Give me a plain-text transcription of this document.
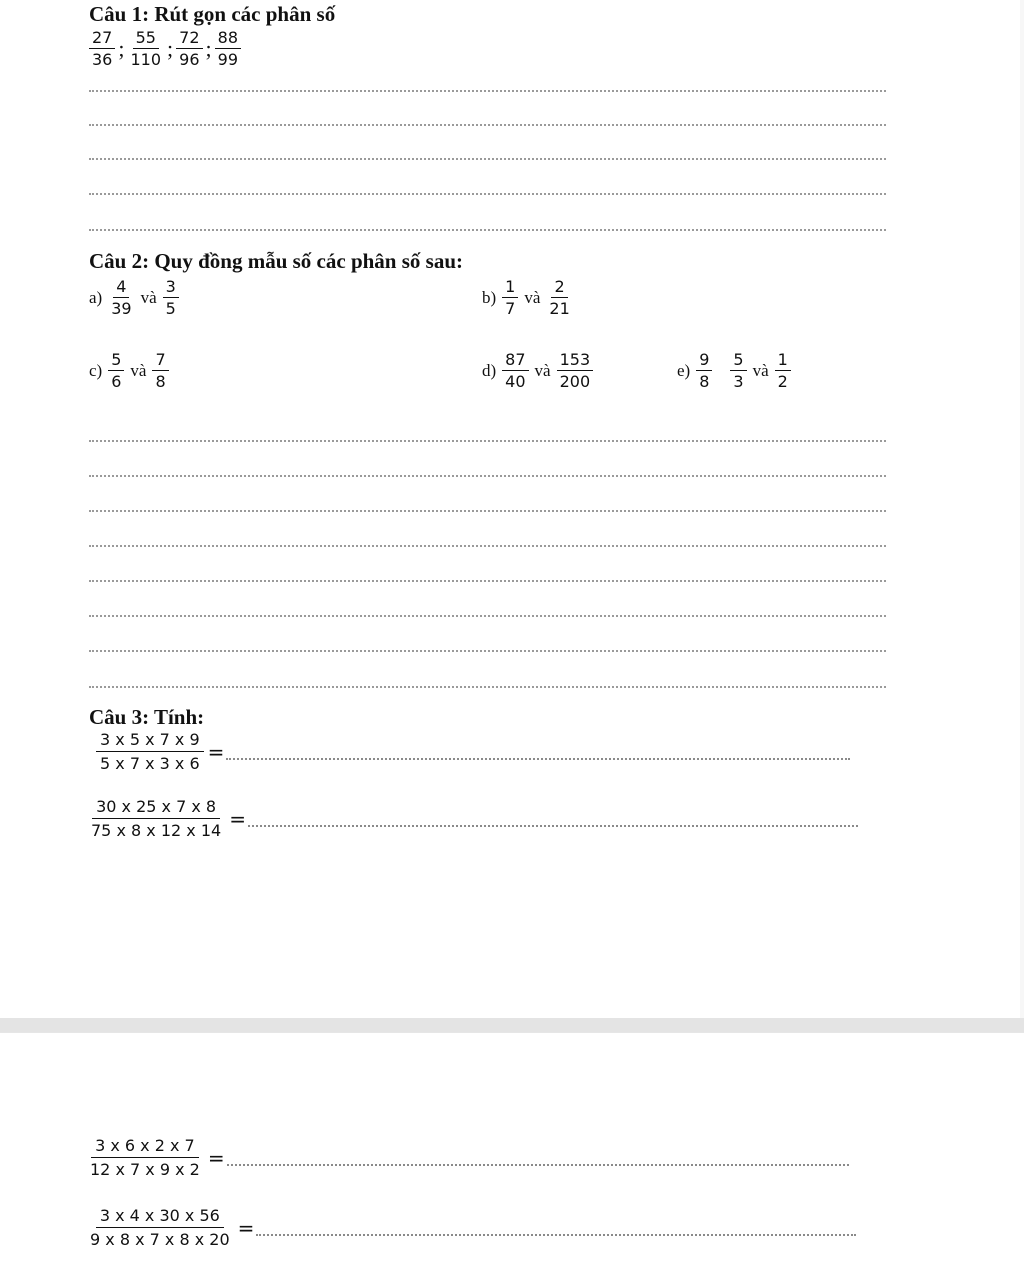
Câu 1: Rút gọn các phân số
$\frac{27}{36}$ ; $\frac{55}{110}$ ; $\frac{72}{96}$ ; $\frac{88}{99}$
Câu 2: Quy đồng mẫu số các phân số sau:
$a) \frac{4}{39}$ và $\frac{3}{5}$	$b) \frac{1}{7}$ và $\frac{2}{21}$
$c) \frac{5}{6}$ và $\frac{7}{8}$	$d) \frac{87}{40}$ và $\frac{153}{200}$	$e) \frac{9}{8} \frac{5}{3}$ và $\frac{1}{2}$
Câu 3: Tính:
$\frac{3 x 5 x 7 x 9}{5 x 7 x 3 x 6}$ =
$\frac{30 x 25 x 7 x 8}{75 x 8 x 12 x 14}$ =
$\frac{3 x 6 x 2 x 7}{12 x 7 x 9 x 2}$ =
$\frac{3 x 4 x 30 x 56}{9 x 8 x 7 x 8 x 20}$ =
